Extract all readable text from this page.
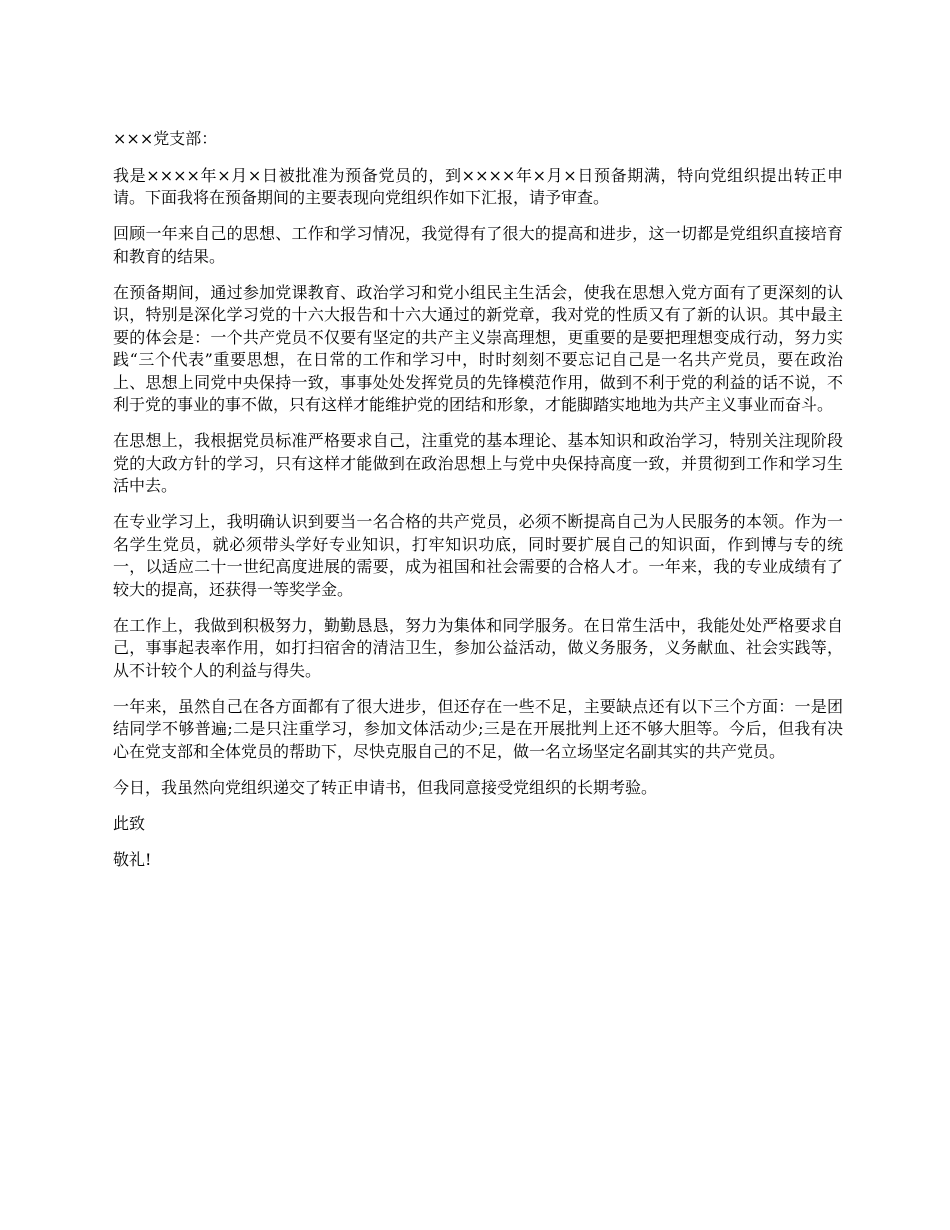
×××党支部：

我是××××年×月×日被批准为预备党员的，到××××年×月×日预备期满，特向党组织提出转正申请。下面我将在预备期间的主要表现向党组织作如下汇报，请予审查。

回顾一年来自己的思想、工作和学习情况，我觉得有了很大的提高和进步，这一切都是党组织直接培育和教育的结果。

在预备期间，通过参加党课教育、政治学习和党小组民主生活会，使我在思想入党方面有了更深刻的认识，特别是深化学习党的十六大报告和十六大通过的新党章，我对党的性质又有了新的认识。其中最主要的体会是：一个共产党员不仅要有坚定的共产主义崇高理想，更重要的是要把理想变成行动，努力实践“三个代表”重要思想，在日常的工作和学习中，时时刻刻不要忘记自己是一名共产党员，要在政治上、思想上同党中央保持一致，事事处处发挥党员的先锋模范作用，做到不利于党的利益的话不说，不利于党的事业的事不做，只有这样才能维护党的团结和形象，才能脚踏实地地为共产主义事业而奋斗。

在思想上，我根据党员标准严格要求自己，注重党的基本理论、基本知识和政治学习，特别关注现阶段党的大政方针的学习，只有这样才能做到在政治思想上与党中央保持高度一致，并贯彻到工作和学习生活中去。

在专业学习上，我明确认识到要当一名合格的共产党员，必须不断提高自己为人民服务的本领。作为一名学生党员，就必须带头学好专业知识，打牢知识功底，同时要扩展自己的知识面，作到博与专的统一，以适应二十一世纪高度进展的需要，成为祖国和社会需要的合格人才。一年来，我的专业成绩有了较大的提高，还获得一等奖学金。

在工作上，我做到积极努力，勤勤恳恳，努力为集体和同学服务。在日常生活中，我能处处严格要求自己，事事起表率作用，如打扫宿舍的清洁卫生，参加公益活动，做义务服务，义务献血、社会实践等，从不计较个人的利益与得失。

一年来，虽然自己在各方面都有了很大进步，但还存在一些不足，主要缺点还有以下三个方面：一是团结同学不够普遍;二是只注重学习，参加文体活动少;三是在开展批判上还不够大胆等。今后，但我有决心在党支部和全体党员的帮助下，尽快克服自己的不足，做一名立场坚定名副其实的共产党员。

今日，我虽然向党组织递交了转正申请书，但我同意接受党组织的长期考验。

此致

敬礼!
